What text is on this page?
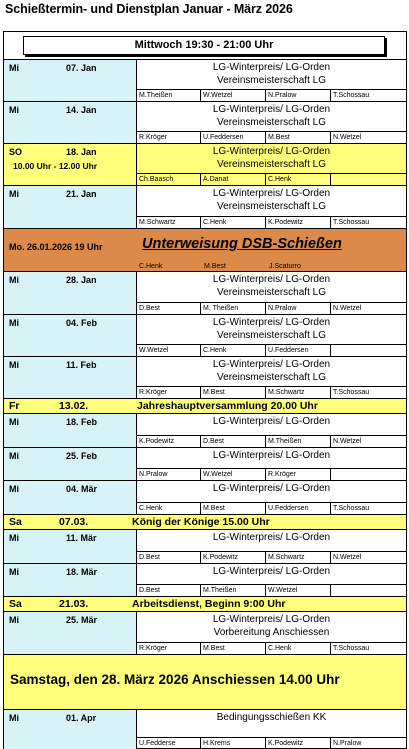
Schießtermin- und Dienstplan Januar - März 2026
Mittwoch 19:30 - 21:00 Uhr
Mi	07. Jan	LG-Winterpreis/ LG-Orden
Vereinsmeisterschaft LG
M.Theißen	W.Wetzel	N.Pralow	T.Schossau
Mi	14. Jan	LG-Winterpreis/ LG-Orden
Vereinsmeisterschaft LG
R.Kröger	U.Feddersen	M.Best	N.Wetzel
SO	18. Jan
10.00 Uhr - 12.00 Uhr
LG-Winterpreis/ LG-Orden
Vereinsmeisterschaft LG
Ch.Baasch	A.Danat	C.Henk
Mi	21. Jan	LG-Winterpreis/ LG-Orden
Vereinsmeisterschaft LG
M.Schwartz	C.Henk	K.Podewitz	T.Schossau
Mo. 26.01.2026 19 Uhr	Unterweisung DSB-Schießen
C.Henk	M.Best	J.Scaturro
Mi	28. Jan	LG-Winterpreis/ LG-Orden
Vereinsmeisterschaft LG
D.Best	M. Theißen	N.Pralow	N.Wetzel
Mi	04. Feb	LG-Winterpreis/ LG-Orden
Vereinsmeisterschaft LG
W.Wetzel	C.Henk	U.Feddersen
Mi	11. Feb	LG-Winterpreis/ LG-Orden
Vereinsmeisterschaft LG
R.Kröger	M.Best	M.Schwartz	T.Schossau
Fr	13.02.	Jahreshauptversammlung 20.00 Uhr
Mi	18. Feb	LG-Winterpreis/ LG-Orden
K.Podewitz	D.Best	M.Theißen	N.Wetzel
Mi	25. Feb	LG-Winterpreis/ LG-Orden
N.Pralow	W.Wetzel	R.Kröger
Mi	04. Mär	LG-Winterpreis/ LG-Orden
C.Henk	M.Best	U.Feddersen	T.Schossau
Sa	07.03.	König der Könige 15.00 Uhr
Mi	11. Mär	LG-Winterpreis/ LG-Orden
D.Best	K.Podewitz	M.Schwartz	N.Wetzel
Mi	18. Mär	LG-Winterpreis/ LG-Orden
D.Best	M.Theißen	W.Wetzel
Sa	21.03.	Arbeitsdienst, Beginn 9:00 Uhr
Mi	25. Mär	LG-Winterpreis/ LG-Orden
Vorbereitung Anschiessen
R.Kröger	M.Best	C.Henk	T.Schossau
Samstag, den 28. März 2026 Anschiessen 14.00 Uhr
Mi	01. Apr	Bedingungsschießen KK
U.Fedderse	H.Krems	K.Podewitz	N.Pralow
